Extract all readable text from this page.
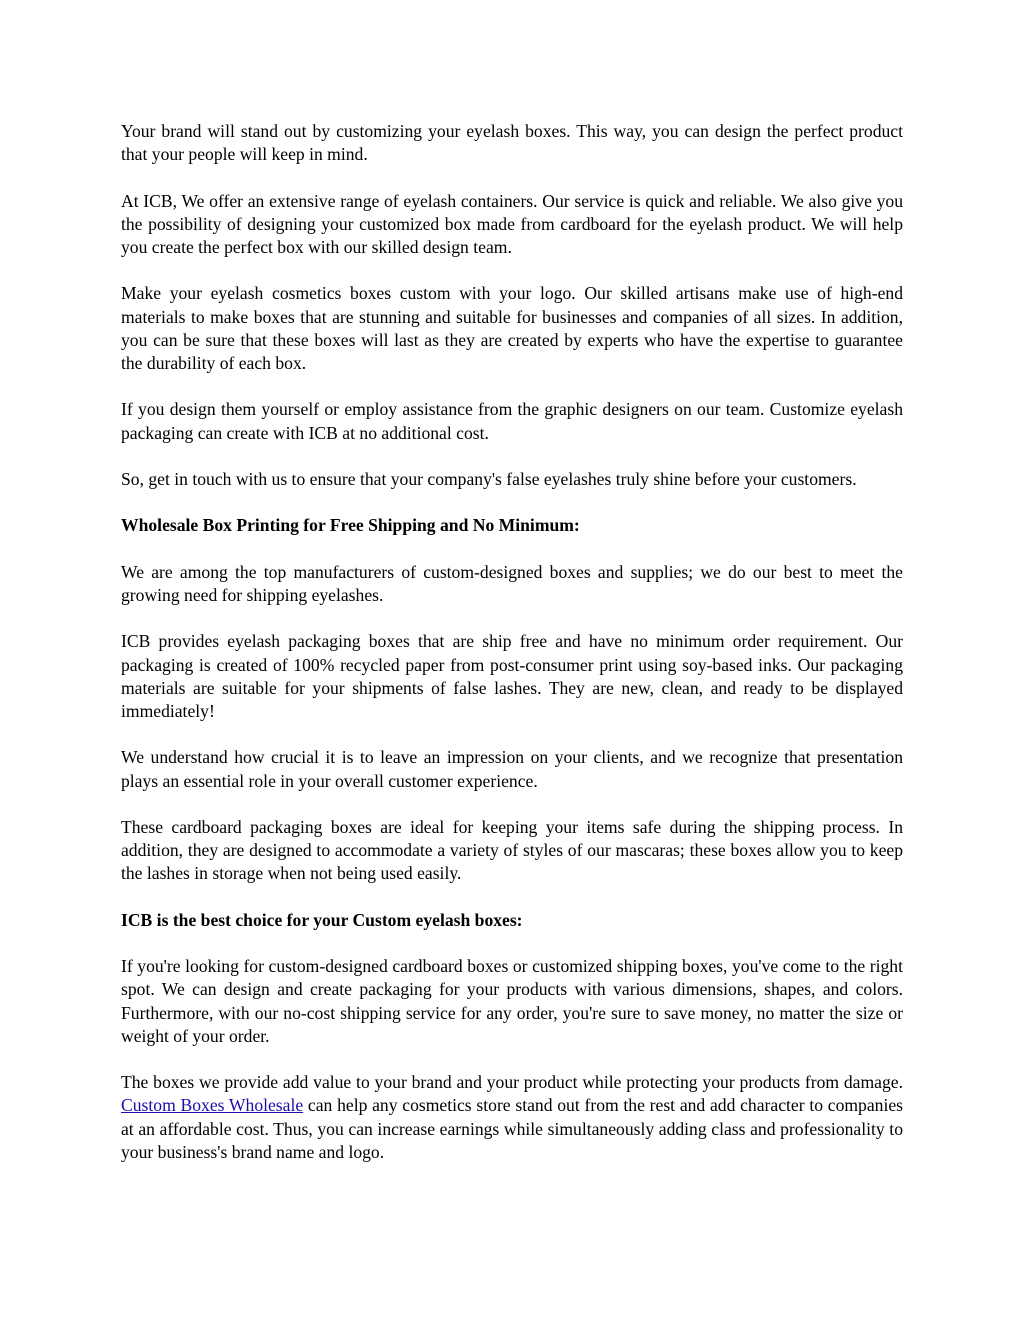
Your brand will stand out by customizing your eyelash boxes. This way, you can design the perfect product that your people will keep in mind.

At ICB, We offer an extensive range of eyelash containers. Our service is quick and reliable. We also give you the possibility of designing your customized box made from cardboard for the eyelash product. We will help you create the perfect box with our skilled design team.

Make your eyelash cosmetics boxes custom with your logo. Our skilled artisans make use of high-end materials to make boxes that are stunning and suitable for businesses and companies of all sizes. In addition, you can be sure that these boxes will last as they are created by experts who have the expertise to guarantee the durability of each box.

If you design them yourself or employ assistance from the graphic designers on our team. Customize eyelash packaging can create with ICB at no additional cost.

So, get in touch with us to ensure that your company's false eyelashes truly shine before your customers.

Wholesale Box Printing for Free Shipping and No Minimum:

We are among the top manufacturers of custom-designed boxes and supplies; we do our best to meet the growing need for shipping eyelashes.

ICB provides eyelash packaging boxes that are ship free and have no minimum order requirement. Our packaging is created of 100% recycled paper from post-consumer print using soy-based inks. Our packaging materials are suitable for your shipments of false lashes. They are new, clean, and ready to be displayed immediately!

We understand how crucial it is to leave an impression on your clients, and we recognize that presentation plays an essential role in your overall customer experience.

These cardboard packaging boxes are ideal for keeping your items safe during the shipping process. In addition, they are designed to accommodate a variety of styles of our mascaras; these boxes allow you to keep the lashes in storage when not being used easily.

ICB is the best choice for your Custom eyelash boxes:

If you're looking for custom-designed cardboard boxes or customized shipping boxes, you've come to the right spot. We can design and create packaging for your products with various dimensions, shapes, and colors. Furthermore, with our no-cost shipping service for any order, you're sure to save money, no matter the size or weight of your order.

The boxes we provide add value to your brand and your product while protecting your products from damage. Custom Boxes Wholesale can help any cosmetics store stand out from the rest and add character to companies at an affordable cost. Thus, you can increase earnings while simultaneously adding class and professionality to your business's brand name and logo.
